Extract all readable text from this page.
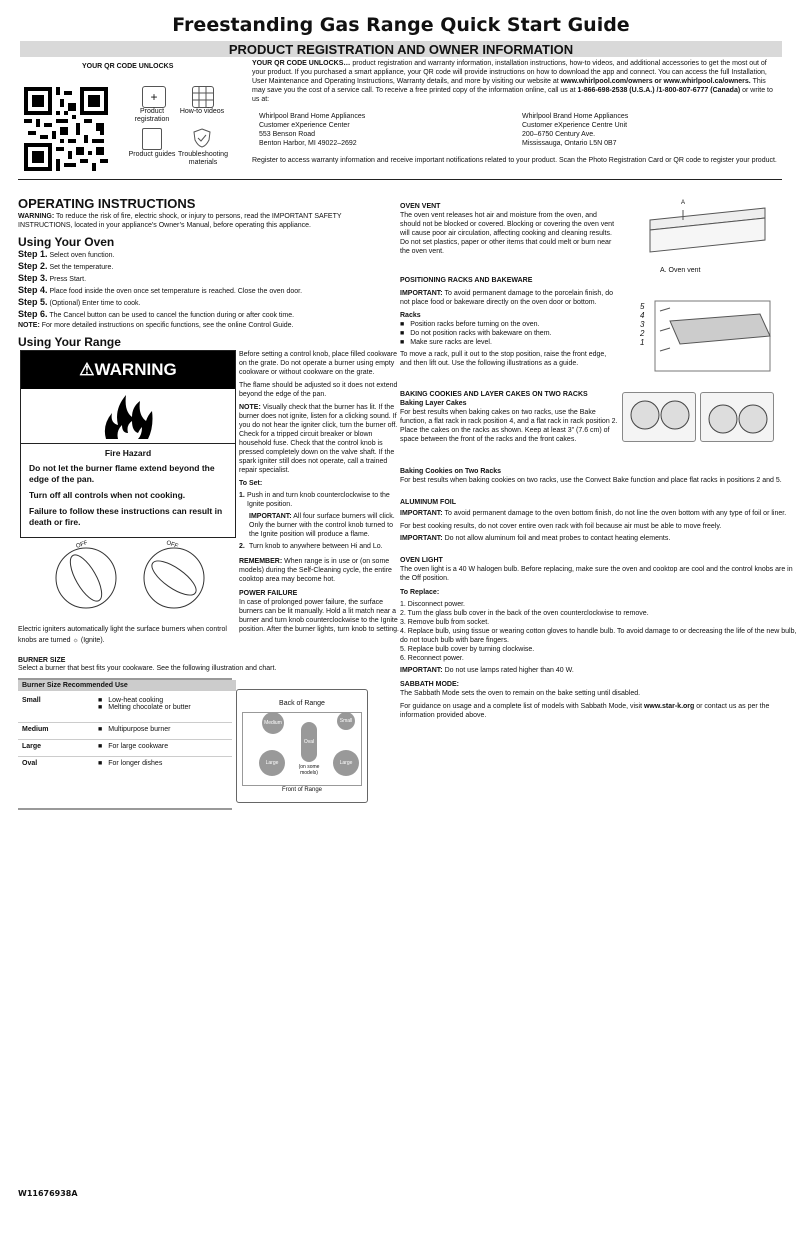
Freestanding Gas Range Quick Start Guide
PRODUCT REGISTRATION AND OWNER INFORMATION
YOUR QR CODE UNLOCKS
+
Product registration
How-to videos
Product guides Troubleshooting materials
YOUR QR CODE UNLOCKS… product registration and warranty information, installation instructions, how-to videos, and additional accessories to get the most out of your product. If you purchased a smart appliance, your QR code will provide instructions on how to download the app and connect. You can access the full Installation, User Maintenance and Operating Instructions, Warranty details, and more by visiting our website at www.whirlpool.com/owners or www.whirlpool.ca/owners. This may save you the cost of a service call. To receive a free printed copy of the information online, call us at 1-866-698-2538 (U.S.A.) /1-800-807-6777 (Canada) or write to us at:
Whirlpool Brand Home Appliances
Customer eXperience Center
553 Benson Road
Benton Harbor, MI 49022–2692
Whirlpool Brand Home Appliances
Customer eXperience Centre Unit
200–6750 Century Ave.
Mississauga, Ontario L5N 0B7
Register to access warranty information and receive important notifications related to your product. Scan the Photo Registration Card or QR code to register your product.
OPERATING INSTRUCTIONS
WARNING: To reduce the risk of fire, electric shock, or injury to persons, read the IMPORTANT SAFETY INSTRUCTIONS, located in your appliance’s Owner’s Manual, before operating this appliance.
Using Your Oven
Step 1. Select oven function.
Step 2. Set the temperature.
Step 3. Press Start.
Step 4. Place food inside the oven once set temperature is reached. Close the oven door.
Step 5. (Optional) Enter time to cook.
Step 6. The Cancel button can be used to cancel the function during or after cook time.
NOTE: For more detailed instructions on specific functions, see the online Control Guide.
Using Your Range
⚠WARNING
Fire Hazard

Do not let the burner flame extend beyond the edge of the pan.

Turn off all controls when not cooking.

Failure to follow these instructions can result in death or fire.

OFF	OFF
Electric igniters automatically light the surface burners when control knobs are turned ☼ (Ignite).
BURNER SIZE
Select a burner that best fits your cookware. See the following illustration and chart.
Burner Size Recommended Use
Small	■ Low-heat cooking
■ Melting chocolate or butter
Medium	■ Multipurpose burner
Large	■ For large cookware
Oval	■ For longer dishes
Back of Range
Medium	Small
Oval
(on some models)
Large	Large
Front of Range
Before setting a control knob, place filled cookware on the grate. Do not operate a burner using empty cookware or without cookware on the grate.
The flame should be adjusted so it does not extend beyond the edge of the pan.
NOTE: Visually check that the burner has lit. If the burner does not ignite, listen for a clicking sound. If you do not hear the igniter click, turn the burner off. Check for a tripped circuit breaker or blown household fuse. Check that the control knob is pressed completely down on the valve shaft. If the spark igniter still does not operate, call a trained repair specialist.
To Set:
1. Push in and turn knob counterclockwise to the Ignite position.
IMPORTANT: All four surface burners will click. Only the burner with the control knob turned to the Ignite position will produce a flame.
2. Turn knob to anywhere between Hi and Lo.
REMEMBER: When range is in use or (on some models) during the Self-Cleaning cycle, the entire cooktop area may become hot.
POWER FAILURE
In case of prolonged power failure, the surface burners can be lit manually. Hold a lit match near a burner and turn knob counterclockwise to the Ignite position. After the burner lights, turn knob to setting.
OVEN VENT
The oven vent releases hot air and moisture from the oven, and should not be blocked or covered. Blocking or covering the oven vent will cause poor air circulation, affecting cooking and cleaning results. Do not set plastics, paper or other items that could melt or burn near the oven vent.
A
A. Oven vent
POSITIONING RACKS AND BAKEWARE
IMPORTANT: To avoid permanent damage to the porcelain finish, do not place food or bakeware directly on the oven door or bottom.
Racks
■ Position racks before turning on the oven.
■ Do not position racks with bakeware on them.
■ Make sure racks are level.
To move a rack, pull it out to the stop position, raise the front edge, and then lift out. Use the following illustrations as a guide.
5
4
3
2
1
BAKING COOKIES AND LAYER CAKES ON TWO RACKS
Baking Layer Cakes
For best results when baking cakes on two racks, use the Bake function, a flat rack in rack position 4, and a flat rack in rack position 2. Place the cakes on the racks as shown. Keep at least 3" (7.6 cm) of space between the front of the racks and the front cakes.
Baking Cookies on Two Racks
For best results when baking cookies on two racks, use the Convect Bake function and place flat racks in positions 2 and 5.
ALUMINUM FOIL
IMPORTANT: To avoid permanent damage to the oven bottom finish, do not line the oven bottom with any type of foil or liner.
For best cooking results, do not cover entire oven rack with foil because air must be able to move freely.
IMPORTANT: Do not allow aluminum foil and meat probes to contact heating elements.
OVEN LIGHT
The oven light is a 40 W halogen bulb. Before replacing, make sure the oven and cooktop are cool and the control knobs are in the Off position.
To Replace:
1. Disconnect power.
2. Turn the glass bulb cover in the back of the oven counterclockwise to remove.
3. Remove bulb from socket.
4. Replace bulb, using tissue or wearing cotton gloves to handle bulb. To avoid damage to or decreasing the life of the new bulb, do not touch bulb with bare fingers.
5. Replace bulb cover by turning clockwise.
6. Reconnect power.
IMPORTANT: Do not use lamps rated higher than 40 W.
SABBATH MODE:
The Sabbath Mode sets the oven to remain on the bake setting until disabled.
For guidance on usage and a complete list of models with Sabbath Mode, visit www.star-k.org or contact us as per the information provided above.
W11676938A
